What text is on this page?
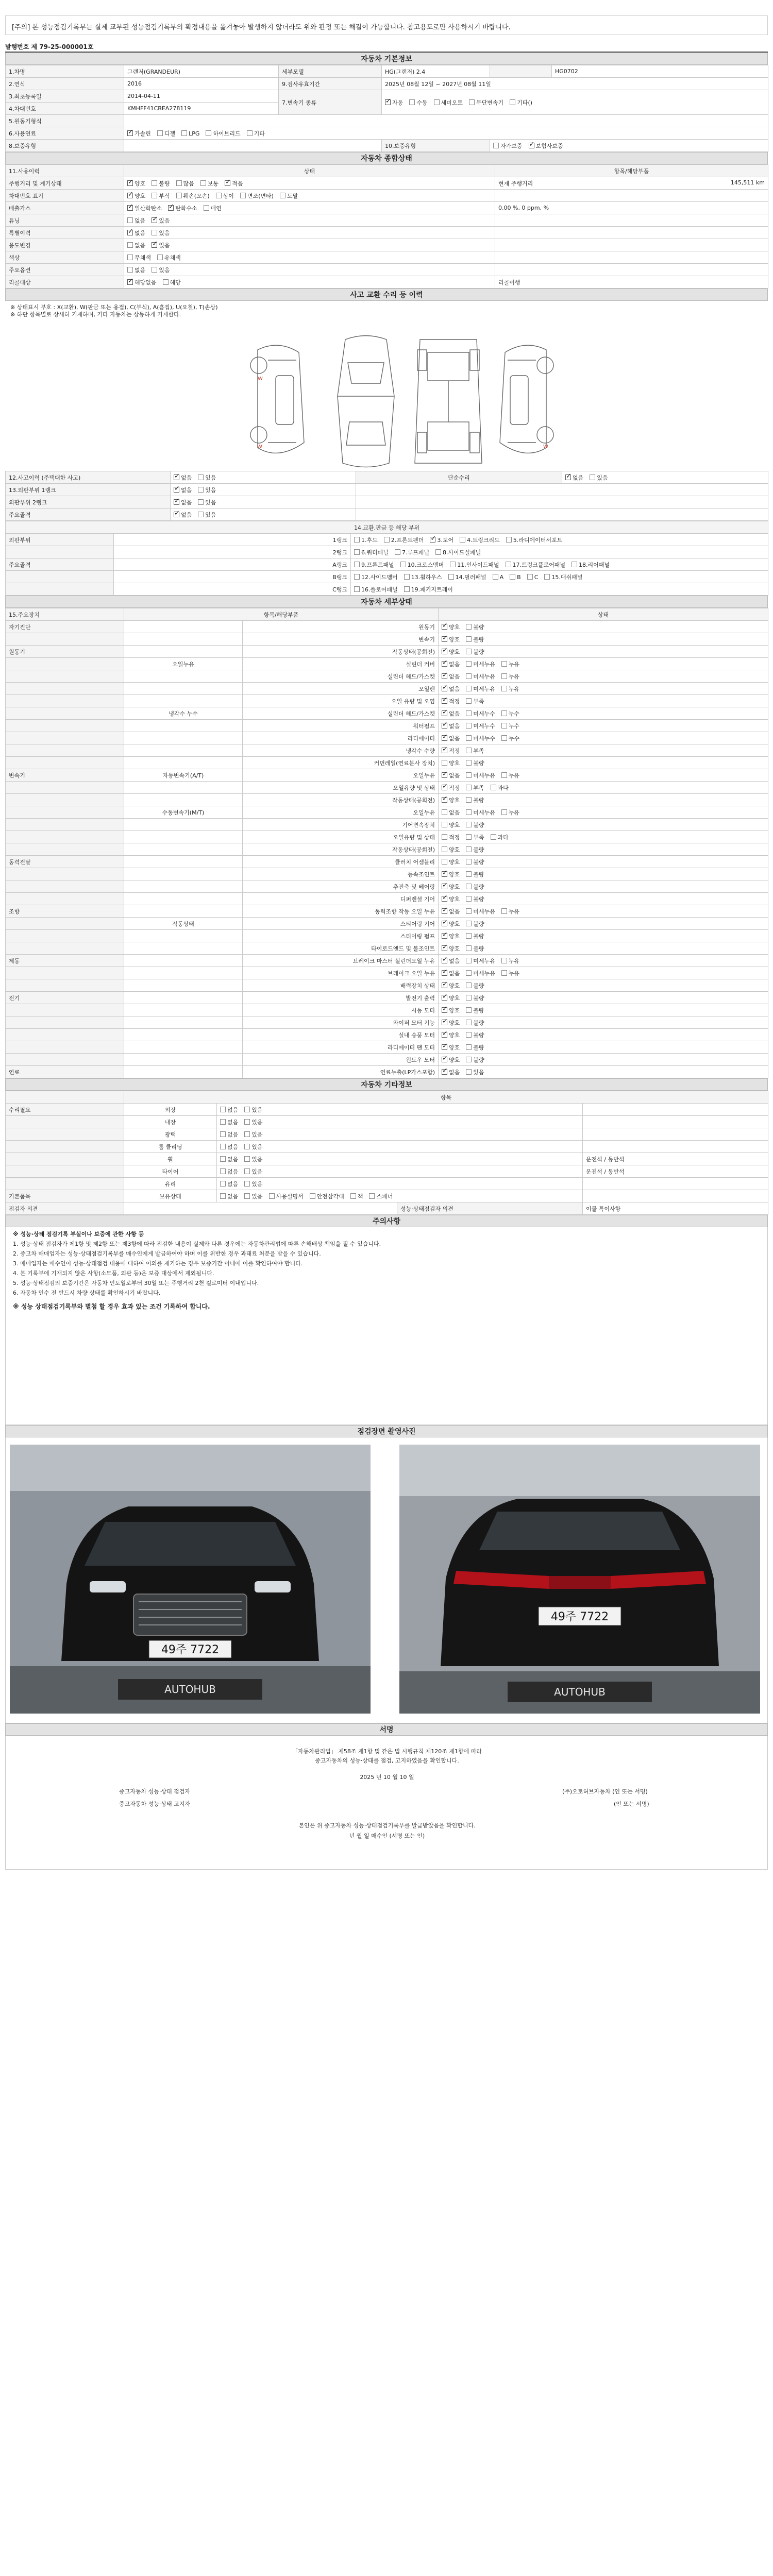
[주의] 본 성능점검기록부는 실제 교부된 성능점검기록부의 확정내용을 옮겨놓아 발생하지 않더라도 위와 판정 또는 해결이 가능합니다. 참고용도로만 사용하시기 바랍니다.
발행번호 제 79-25-000001호
자동차 기본정보
1.차명	그랜저(GRANDEUR)	세부모델	HG(그랜저) 2.4		HG0702
2.연식	2016	9.검사유효기간	2025년 08월 12일 ~ 2027년 08월 11일		
3.최초등록일	2014-04-11	7.변속기 종류	✓자동 수동 세미오토 무단변속기 기타()
4.차대번호	KMHFF41CBEA278119				
5.원동기형식					
6.사용연료	✓가솔린 디젤 LPG 하이브리드 기타
8.보증유형			10.보증유형	자가보증 ✓ 보험사보증
자동차 종합상태
11.사용이력	상태	항목/해당부품
주행거리 및 계기상태	✓양호 불량 많음 보통 ✓ 적음	현재 주행거리 145,511 km

차대번호 표기	✓양호 부식 훼손(오손) 상이 변조(변타) 도말	

배출가스	✓일산화탄소 ✓ 탄화수소 매연	0.00 %, 0 ppm, %

튜닝	없음 ✓ 있음	

특별이력	✓없음 있음	

용도변경	없음 ✓ 있음	

색상	무채색 유채색	

주요옵션	없음 있음	

리콜대상	✓해당없음 해당	리콜이행
사고 교환 수리 등 이력
※ 상태표시 부호 : X(교환), W(판금 또는 용접), C(부식), A(흠집), U(요철), T(손상)
※ 하단 항목별로 상세히 기재하며, 기타 자동차는 상동하게 기재한다.
W	W
W
12.사고이력 (주택대한 사고)	✓없음 있음	단순수리	✓없음 있음
13.외판부위 1랭크	✓없음 있음	
외판부위 2랭크	✓없음 있음	
주요골격	✓없음 있음	
14.교환,판금 등 해당 부위		
외판부위	1랭크	1.후드 2.프론트펜더 ✓ 3.도어 4.트렁크리드 5.라디에이터서포트
	2랭크	6.쿼터패널 7.루프패널 8.사이드실패널
주요골격	A랭크	9.프론트패널 10.크로스멤버 11.인사이드패널 17.트렁크플로어패널 18.리어패널
	B랭크	12.사이드멤버 13.휠하우스 14.필러패널 A B C 15.대쉬패널
	C랭크	16.플로어패널 19.패키지트레이
자동차 세부상태
15.주요장치	항목/해당부품		상태
자기진단		원동기	✓양호 불량
		변속기	✓양호 불량
원동기		작동상태(공회전)	✓양호 불량
	오일누유	실린더 커버	✓없음 미세누유 누유
		실린더 헤드/가스켓	✓없음 미세누유 누유
		오일팬	✓없음 미세누유 누유
		오일 유량 및 오염	✓적정 부족
	냉각수 누수	실린더 헤드/가스켓	✓없음 미세누수 누수
		워터펌프	✓없음 미세누수 누수
		라디에이터	✓없음 미세누수 누수
		냉각수 수량	✓적정 부족
		커먼레일(연료분사 장치)	양호 불량
변속기	자동변속기(A/T)	오일누유	✓없음 미세누유 누유
		오일유량 및 상태	✓적정 부족 과다
		작동상태(공회전)	✓양호 불량
	수동변속기(M/T)	오일누유	없음 미세누유 누유
		기어변속장치	양호 불량
		오일유량 및 상태	적정 부족 과다
		작동상태(공회전)	양호 불량
동력전달		클러치 어셈블리	양호 불량
		등속조인트	✓양호 불량
		추진축 및 베어링	✓양호 불량
		디퍼렌셜 기어	✓양호 불량
조향		동력조향 작동 오일 누유	✓없음 미세누유 누유
	작동상태	스티어링 기어	✓양호 불량
		스티어링 펌프	✓양호 불량
		타이로드엔드 및 볼조인트	✓양호 불량
제동		브레이크 마스터 실린더오일 누유	✓없음 미세누유 누유
		브레이크 오일 누유	✓없음 미세누유 누유
		배력장치 상태	✓양호 불량
전기		발전기 출력	✓양호 불량
		시동 모터	✓양호 불량
		와이퍼 모터 기능	✓양호 불량
		실내 송풍 모터	✓양호 불량
		라디에이터 팬 모터	✓양호 불량
		윈도우 모터	✓양호 불량
연료		연료누출(LP가스포함)	✓없음 있음
자동차 기타정보
	항목			
수리필요	외장	없음 있음		
	내장	없음 있음		
	광택	없음 있음		
	룸 클리닝	없음 있음		
	휠	없음 있음		운전석 / 동반석
	타이어	없음 있음		운전석 / 동반석
	유리	없음 있음		
기본품목	보유상태	없음 있음 사용설명서 안전삼각대 잭 스패너		
점검자 의견			성능·상태점검자 의견	이물 특이사항
주의사항

※ 성능·상태 점검기록 부실이나 보증에 관한 사항 등

1. 성능·상태 점검자가 제1항 및 제2항 또는 제3항에 따라 점검한 내용이 실제와 다른 경우에는 자동차관리법에 따른 손해배상 책임을 질 수 있습니다.

2. 중고차 매매업자는 성능·상태점검기록부를 매수인에게 발급하여야 하며 이를 위반한 경우 과태료 처분을 받을 수 있습니다.

3. 매매업자는 매수인이 성능·상태점검 내용에 대하여 이의를 제기하는 경우 보증기간 이내에 이를 확인하여야 합니다.

4. 본 기록부에 기재되지 않은 사항(소모품, 외관 등)은 보증 대상에서 제외됩니다.

5. 성능·상태점검의 보증기간은 자동차 인도일로부터 30일 또는 주행거리 2천 킬로미터 이내입니다.

6. 자동차 인수 전 반드시 차량 상태를 확인하시기 바랍니다.

※ 성능 상태점검기록부와 별첨 할 경우 효과 있는 조건 기록하여 합니다.

점검장면 촬영사진
49주 7722
AUTOHUB
49주 7722
AUTOHUB
서명
「자동차관리법」 제58조 제1항 및 같은 법 시행규칙 제120조 제1항에 따라
중고자동차의 성능·상태를 점검, 고지하였음을 확인합니다.
2025 년 10 월 10 일
중고자동차 성능·상태 점검자	(주)오토허브자동차 (인 또는 서명)
중고자동차 성능·상태 고지자	(인 또는 서명)
본인은 위 중고자동차 성능·상태점검기록부를 발급받았음을 확인합니다.
년 월 일 매수인 (서명 또는 인)
